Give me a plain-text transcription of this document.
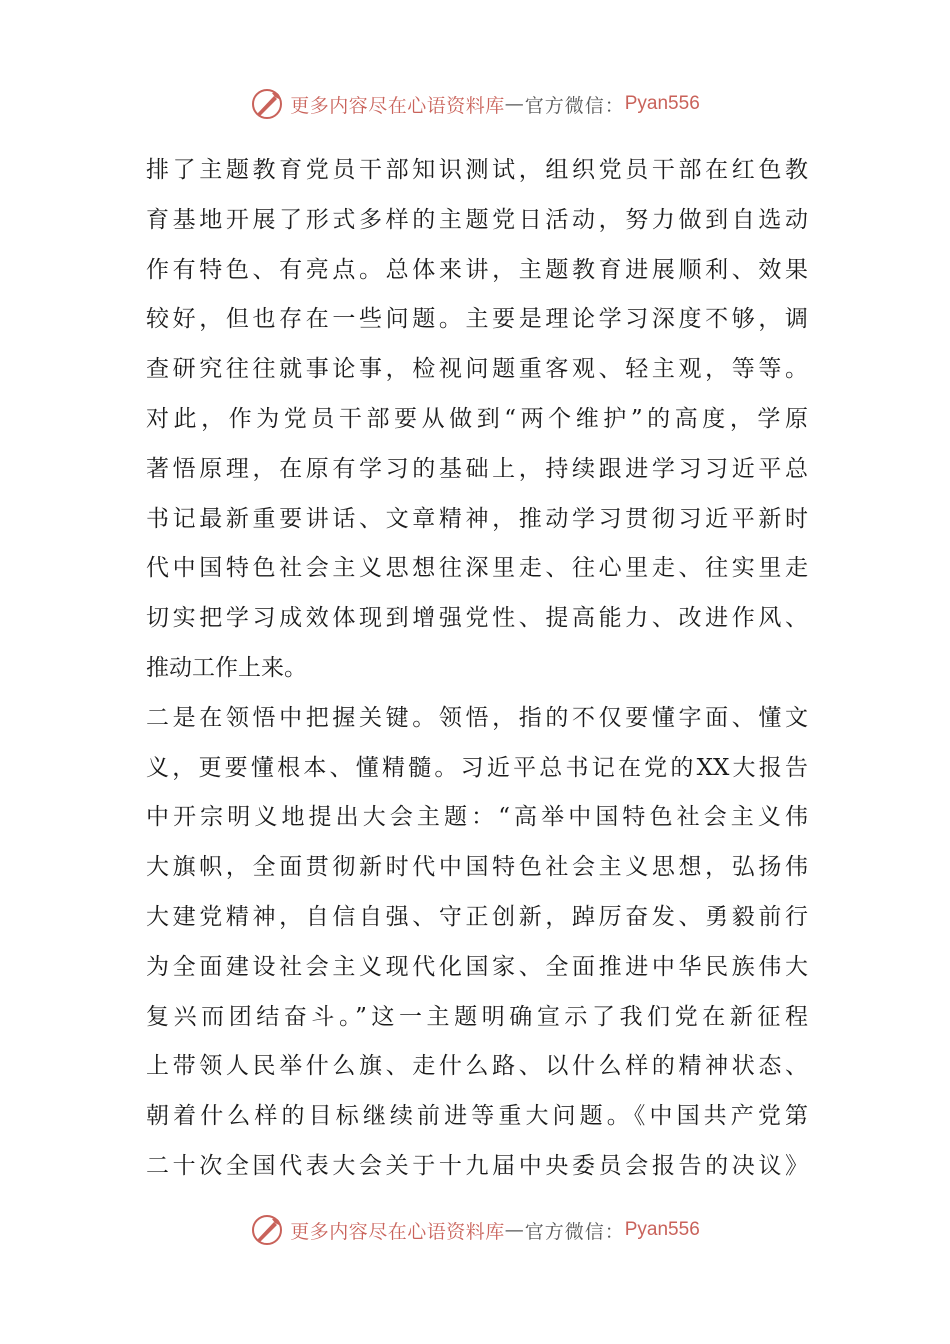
更多内容尽在心语资料库 — 官方微信： Pyan556
排了主题教育党员干部知识测试，组织党员干部在红色教
育基地开展了形式多样的主题党日活动，努力做到自选动
作有特色、有亮点。总体来讲，主题教育进展顺利、效果
较好，但也存在一些问题。主要是理论学习深度不够，调
查研究往往就事论事，检视问题重客观、轻主观，等等。
对此，作为党员干部要从做到“两个维护”的高度，学原
著悟原理，在原有学习的基础上，持续跟进学习习近平总
书记最新重要讲话、文章精神，推动学习贯彻习近平新时
代中国特色社会主义思想往深里走、往心里走、往实里走
切实把学习成效体现到增强党性、提高能力、改进作风、
推动工作上来。
二是在领悟中把握关键。领悟，指的不仅要懂字面、懂文
义，更要懂根本、懂精髓。习近平总书记在党的XX大报告
中开宗明义地提出大会主题：“高举中国特色社会主义伟
大旗帜，全面贯彻新时代中国特色社会主义思想，弘扬伟
大建党精神，自信自强、守正创新，踔厉奋发、勇毅前行
为全面建设社会主义现代化国家、全面推进中华民族伟大
复兴而团结奋斗。”这一主题明确宣示了我们党在新征程
上带领人民举什么旗、走什么路、以什么样的精神状态、
朝着什么样的目标继续前进等重大问题。《中国共产党第
二十次全国代表大会关于十九届中央委员会报告的决议》
更多内容尽在心语资料库 — 官方微信： Pyan556
